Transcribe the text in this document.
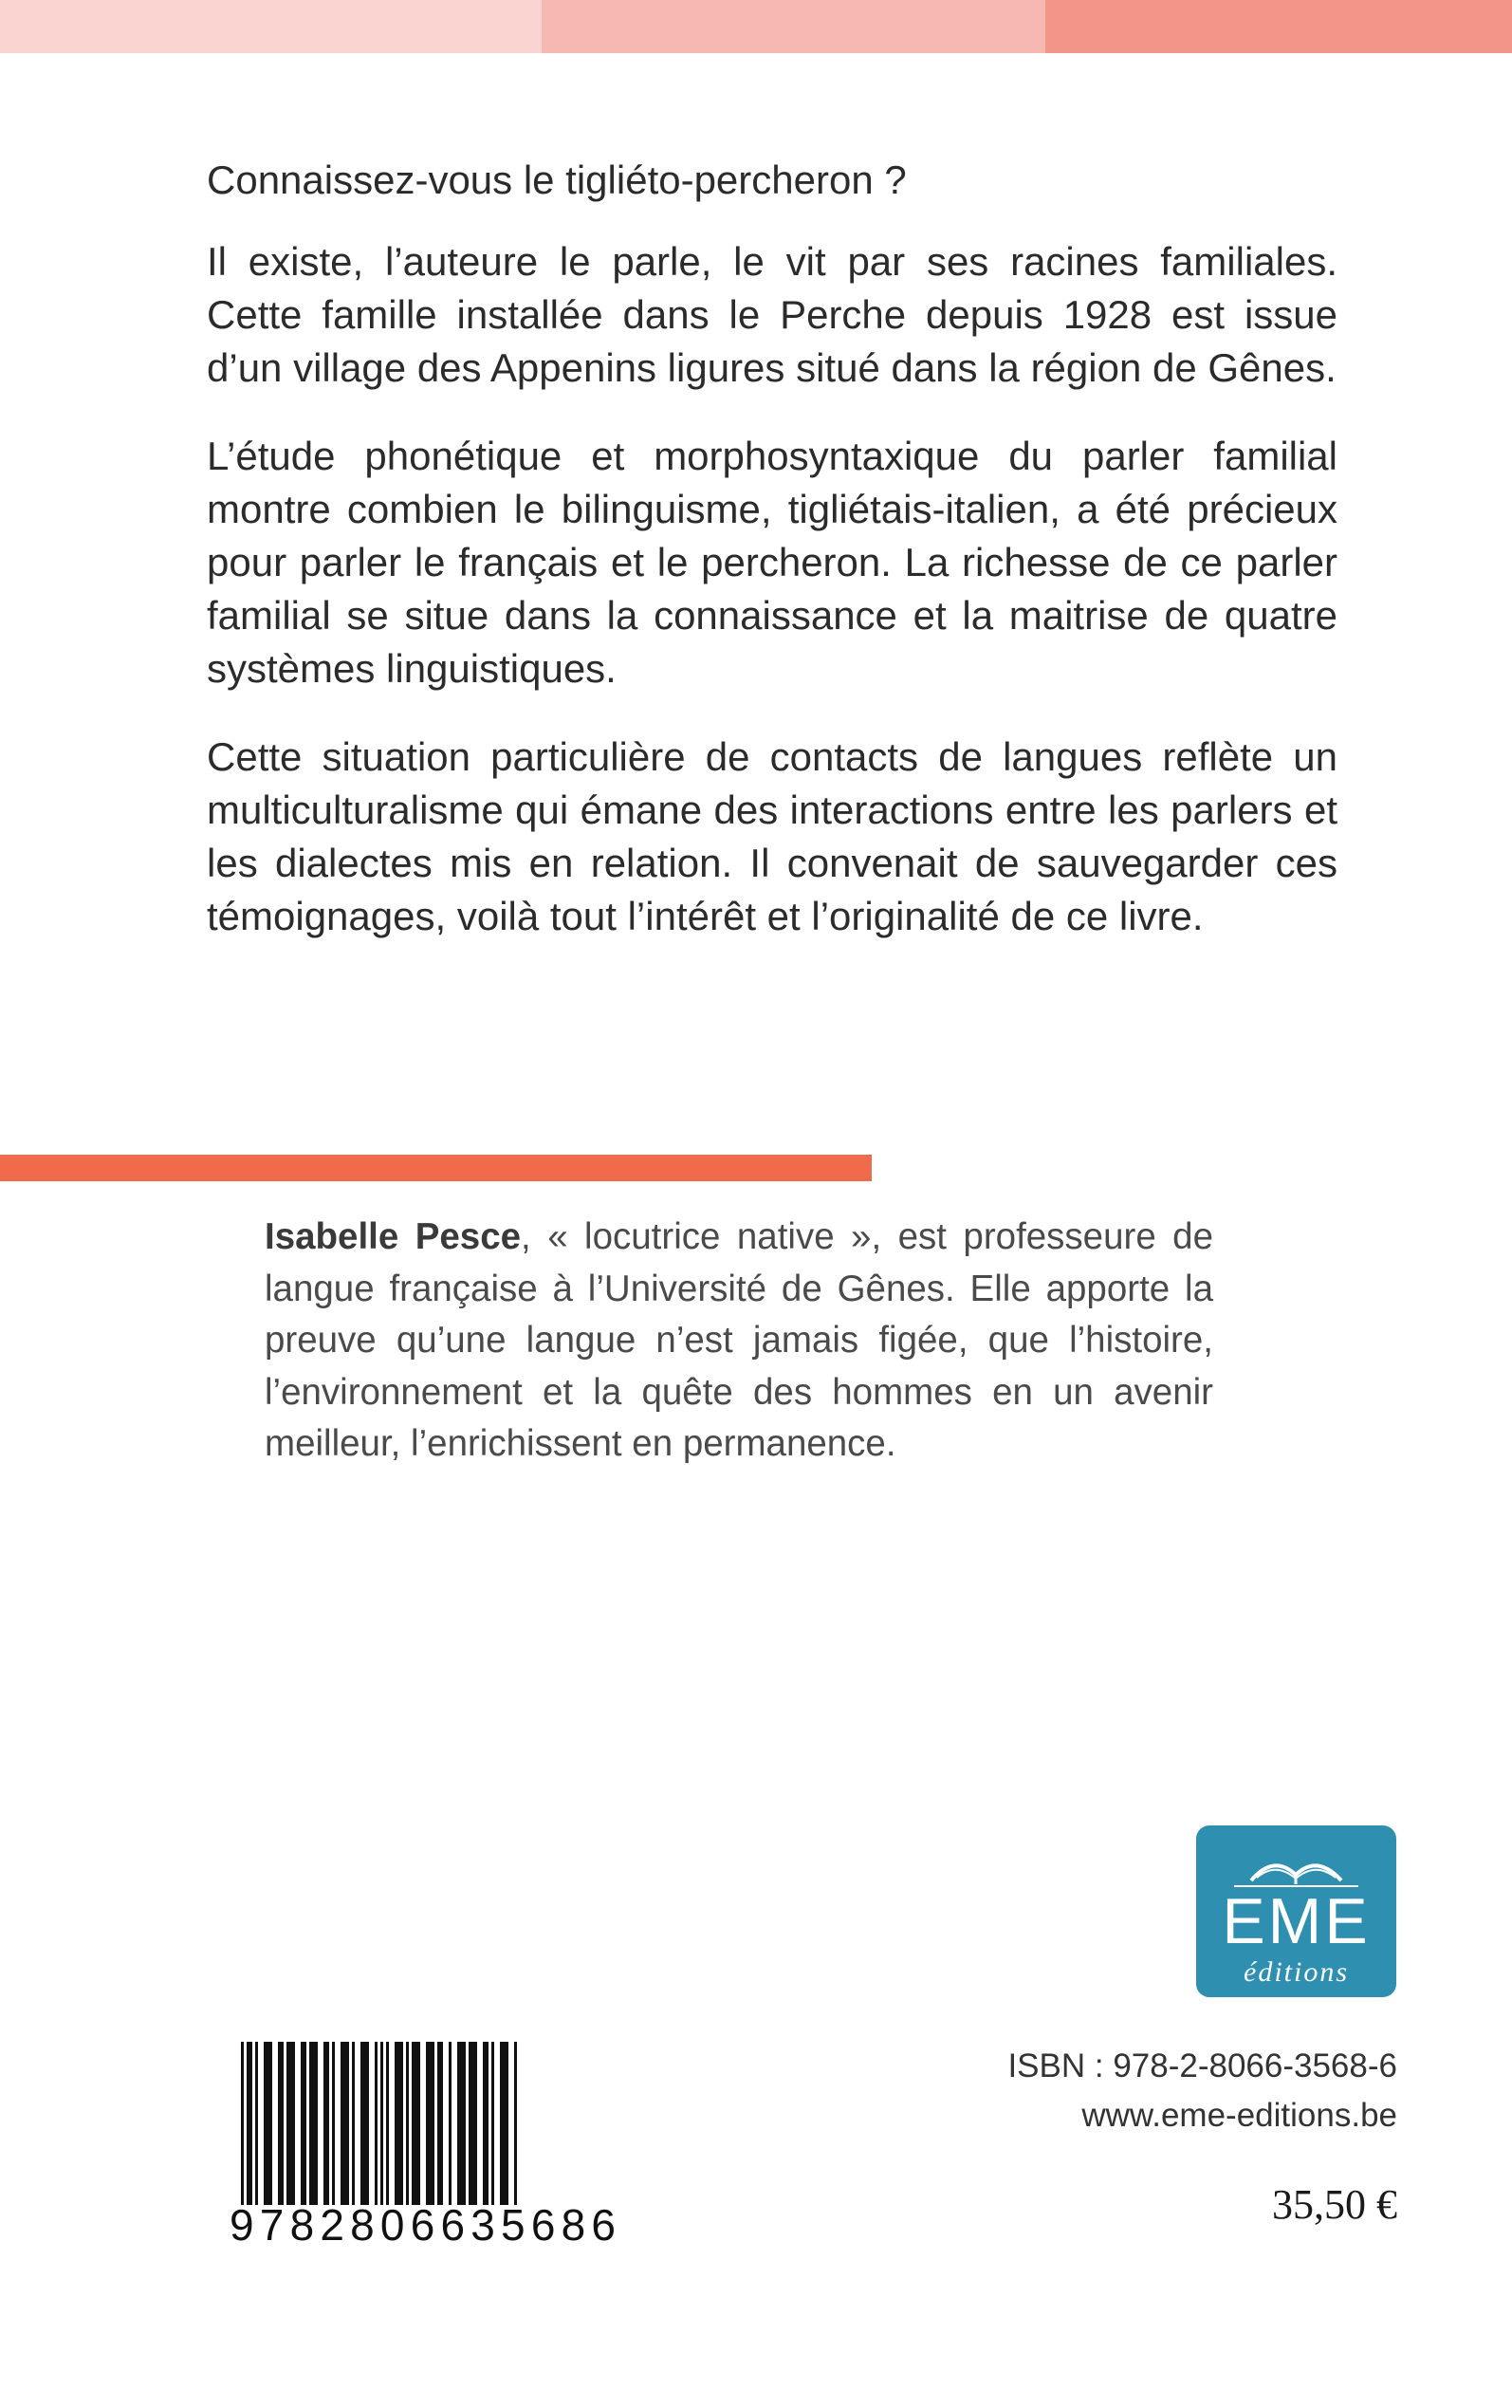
Connaissez-vous le tigliéto-percheron ?

Il existe, l’auteure le parle, le vit par ses racines familiales. Cette famille installée dans le Perche depuis 1928 est issue d’un village des Appenins ligures situé dans la région de Gênes.

L’étude phonétique et morphosyntaxique du parler familial montre combien le bilinguisme, tigliétais-italien, a été précieux pour parler le français et le percheron. La richesse de ce parler familial se situe dans la connaissance et la maitrise de quatre systèmes linguistiques.

Cette situation particulière de contacts de langues reflète un multiculturalisme qui émane des interactions entre les parlers et les dialectes mis en relation. Il convenait de sauvegarder ces témoignages, voilà tout l’intérêt et l’originalité de ce livre.

Isabelle Pesce, « locutrice native », est professeure de langue française à l’Université de Gênes. Elle apporte la preuve qu’une langue n’est jamais figée, que l’histoire, l’environnement et la quête des hommes en un avenir meilleur, l’enrichissent en permanence.

EME
éditions
9782806635686
ISBN : 978-2-8066-3568-6
www.eme-editions.be
35,50 €
